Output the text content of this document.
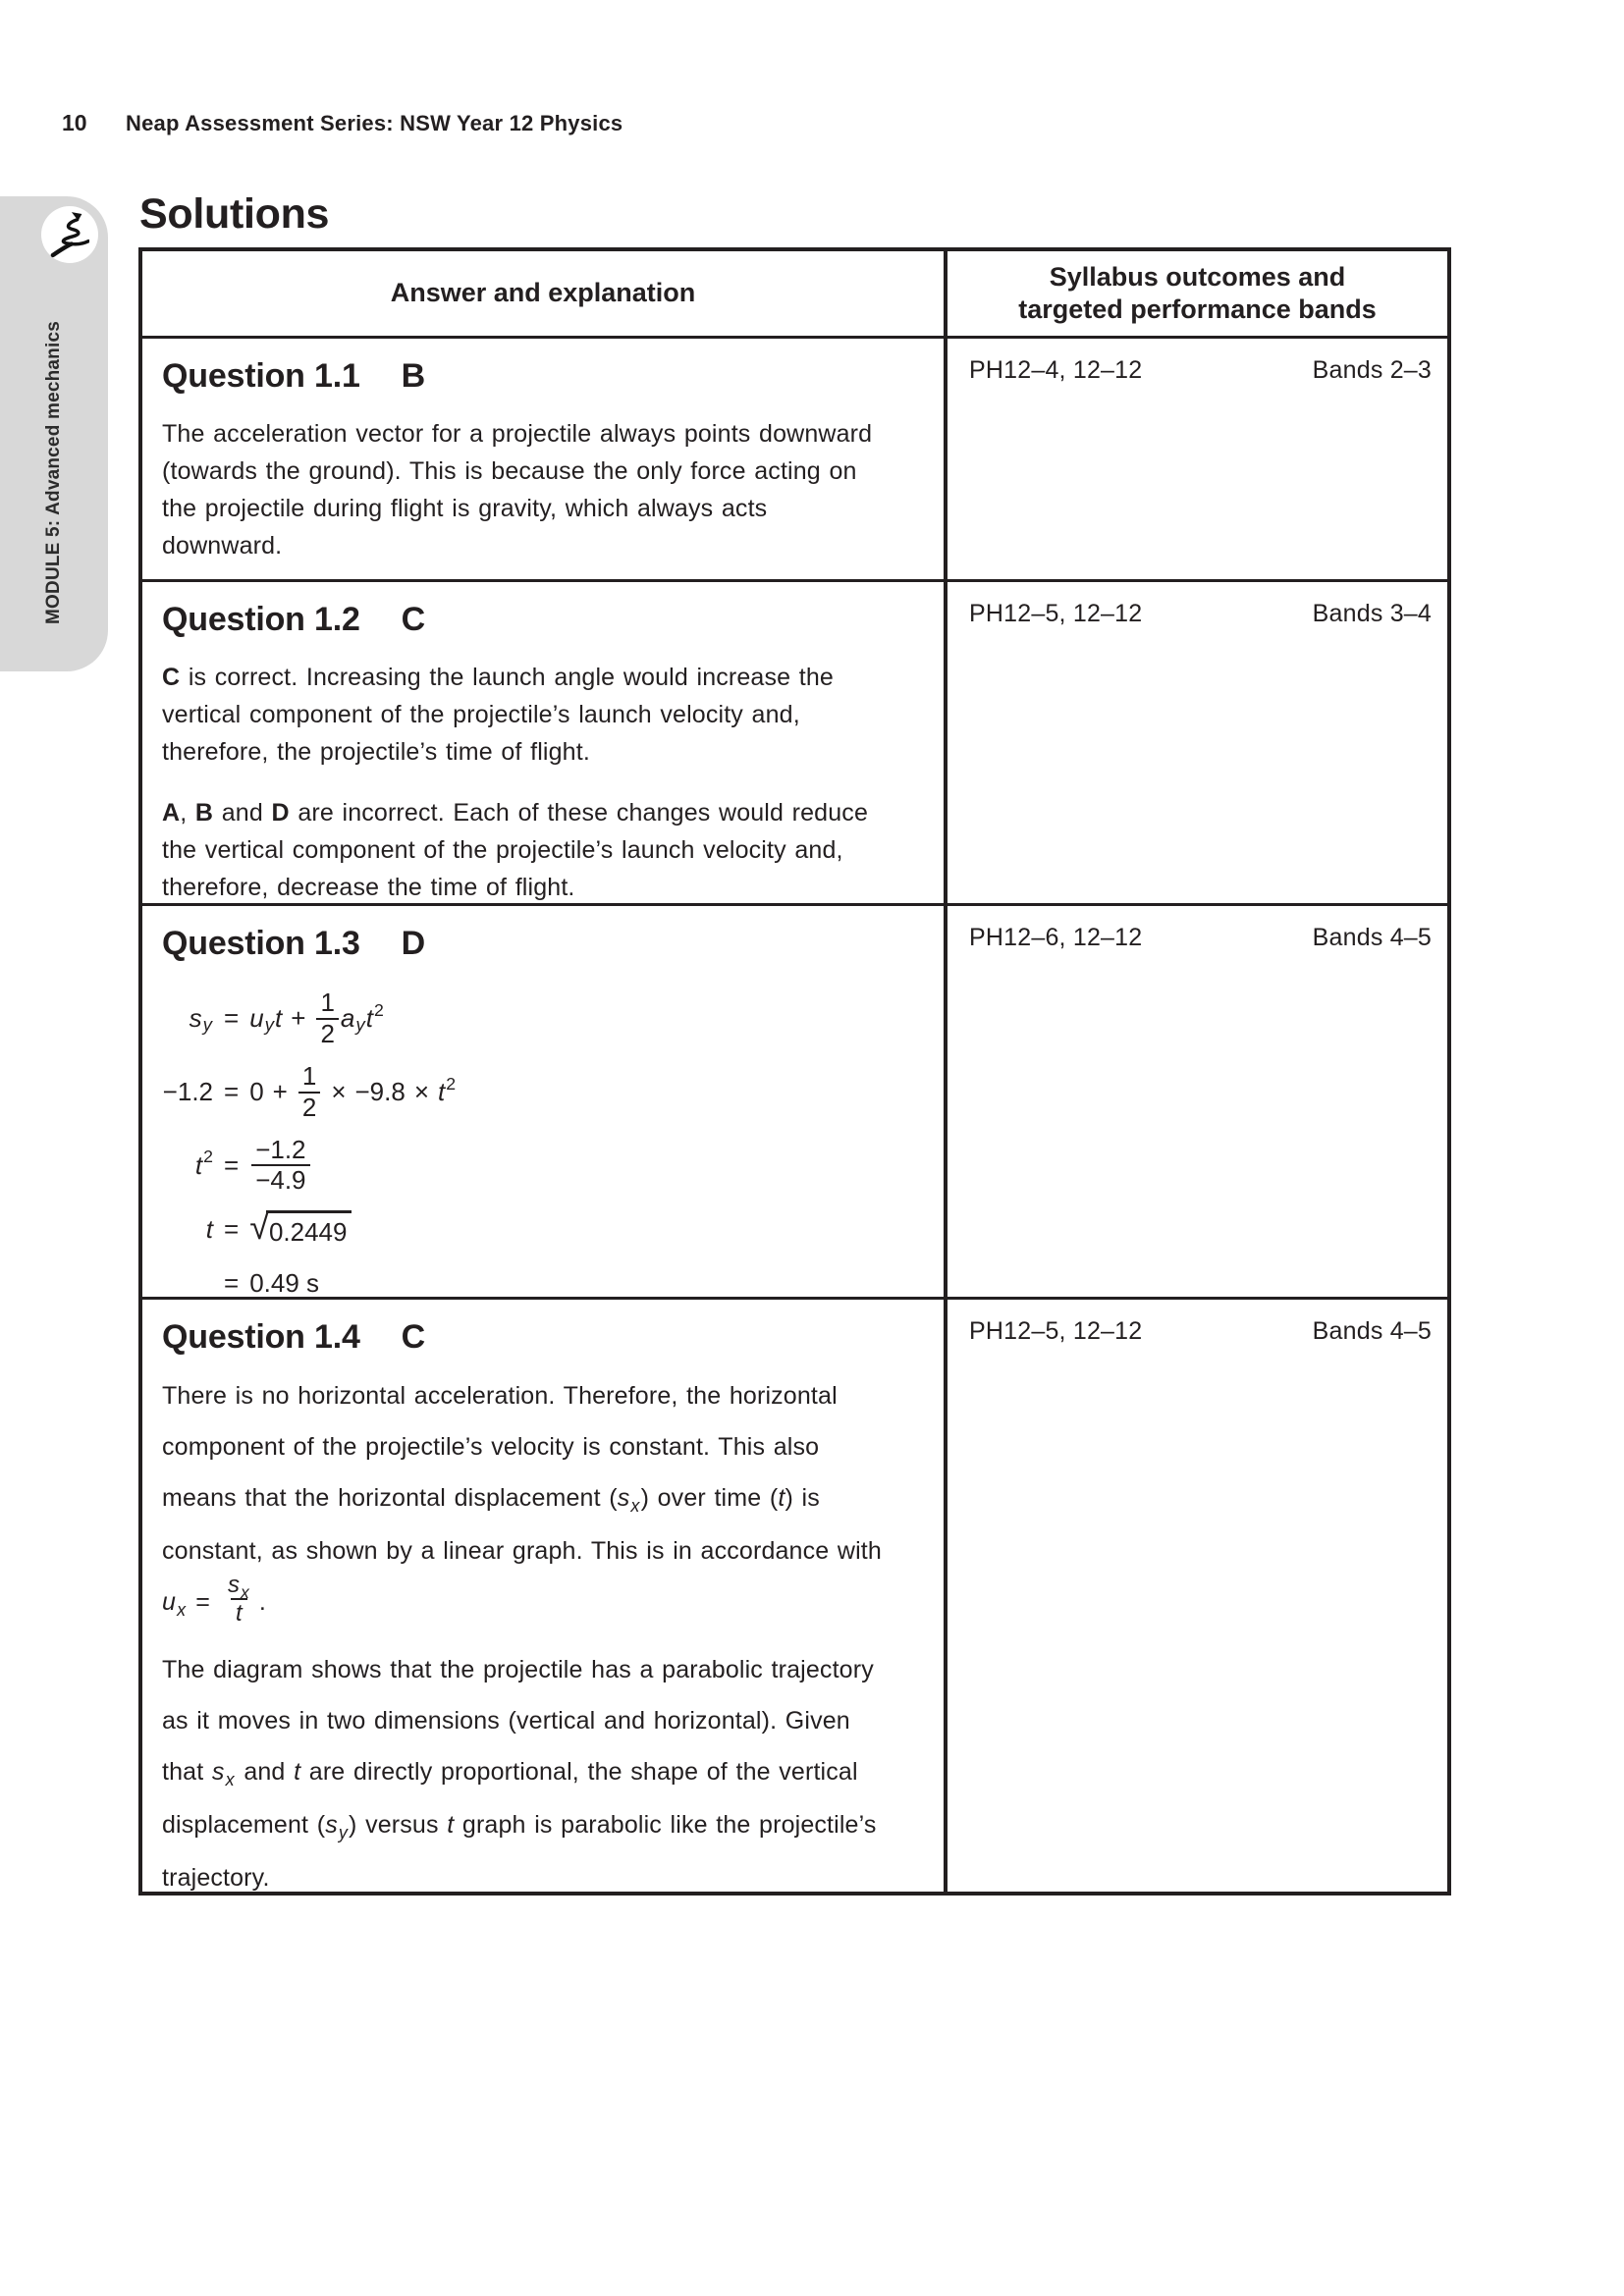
10 Neap Assessment Series: NSW Year 12 Physics
MODULE 5: Advanced mechanics
Solutions
Answer and explanation
Syllabus outcomes and
targeted performance bands
Question 1.1 B

The acceleration vector for a projectile always points downward (towards the ground). This is because the only force acting on the projectile during flight is gravity, which always acts downward.

PH12–4, 12–12	Bands 2–3
Question 1.2 C

C is correct. Increasing the launch angle would increase the vertical component of the projectile’s launch velocity and, therefore, the projectile’s time of flight.

A, B and D are incorrect. Each of these changes would reduce the vertical component of the projectile’s launch velocity and, therefore, decrease the time of flight.

PH12–5, 12–12	Bands 3–4
Question 1.3 D
s y = u y $t + \frac{1}{2}$ a y t 2
$-1.2 = 0 + \frac{1}{2} \times -9.8 \times t$ 2
t $2 = \frac{-1.2}{-4.9}$
t = √ 0.2449
= 0.49 s
PH12–6, 12–12	Bands 4–5
Question 1.4 C

There is no horizontal acceleration. Therefore, the horizontal component of the projectile’s velocity is constant. This also means that the horizontal displacement $(s_x)$ over time (t) is constant, as shown by a linear graph. This is in accordance with $u_x = \frac{s_x}{t}$ .

The diagram shows that the projectile has a parabolic trajectory as it moves in two dimensions (vertical and horizontal). Given that $s_x$ and t are directly proportional, the shape of the vertical displacement $(s_y)$ versus t graph is parabolic like the projectile’s trajectory.

PH12–5, 12–12	Bands 4–5
